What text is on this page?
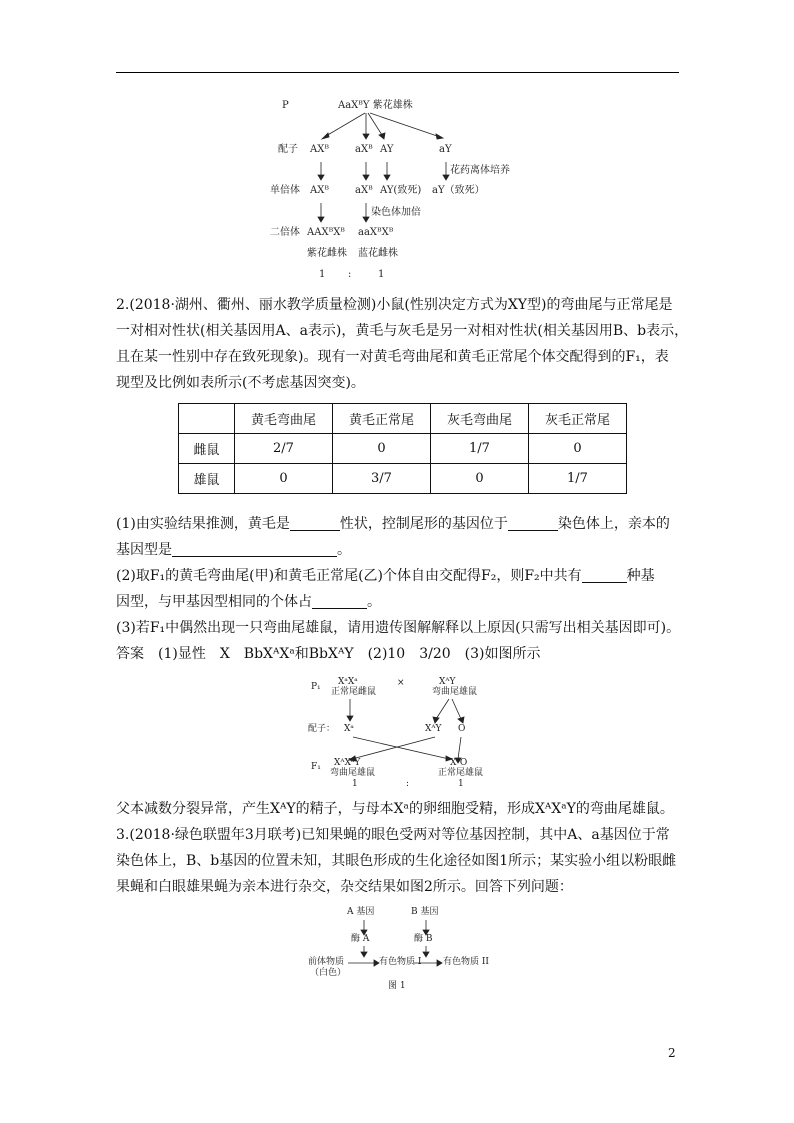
P	AaXᴮY 紫花雄株
配子 AXᴮ	aXᴮ AY	aY
花药离体培养
单倍体 AXᴮ	aXᴮ AY(致死) aY（致死）
染色体加倍
二倍体 AAXᴮXᴮ aaXᴮXᴮ
紫花雌株 蓝花雌株
1 :	1
2.(2018·湖州、衢州、丽水教学质量检测)小鼠(性别决定方式为XY型)的弯曲尾与正常尾是
一对相对性状(相关基因用A、a表示)，黄毛与灰毛是另一对相对性状(相关基因用B、b表示，
且在某一性别中存在致死现象)。现有一对黄毛弯曲尾和黄毛正常尾个体交配得到的F₁，表
现型及比例如表所示(不考虑基因突变)。
	黄毛弯曲尾	黄毛正常尾	灰毛弯曲尾	灰毛正常尾
雌鼠	2/7	0	1/7	0
雄鼠	0	3/7	0	1/7
(1)由实验结果推测，黄毛是	性状，控制尾形的基因位于	染色体上，亲本的
基因型是	。
(2)取F₁的黄毛弯曲尾(甲)和黄毛正常尾(乙)个体自由交配得F₂，则F₂中共有	种基
因型，与甲基因型相同的个体占	。
(3)若F₁中偶然出现一只弯曲尾雄鼠，请用遗传图解解释以上原因(只需写出相关基因即可)。
答案　(1)显性　X　BbXᴬXᵃ和BbXᴬY　(2)10　3/20　(3)如图所示
P₁ XᵃXᵃ
正常尾雌鼠
×	XᴬY
弯曲尾雄鼠
配子： Xᵃ	XᴬY O
F₁ XᴬXᵃY
弯曲尾雄鼠
XᵃO
正常尾雄鼠
1	:	1
父本减数分裂异常，产生XᴬY的精子，与母本Xᵃ的卵细胞受精，形成XᴬXᵃY的弯曲尾雄鼠。
3.(2018·绿色联盟年3月联考)已知果蝇的眼色受两对等位基因控制，其中A、a基因位于常
染色体上，B、b基因的位置未知，其眼色形成的生化途径如图1所示；某实验小组以粉眼雌
果蝇和白眼雄果蝇为亲本进行杂交，杂交结果如图2所示。回答下列问题：
A 基因	B 基因
酶 A	酶 B
前体物质
（白色）
有色物质 I 有色物质 II
图 1
2
